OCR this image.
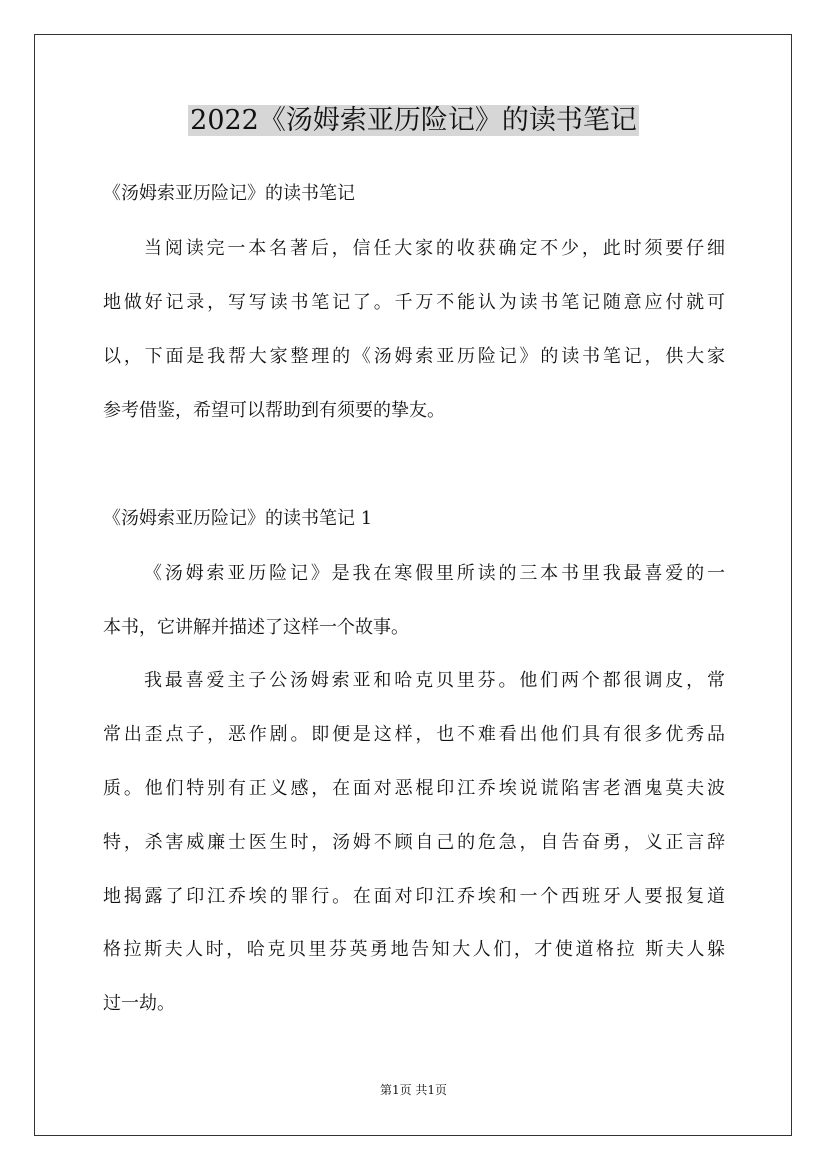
2022《汤姆索亚历险记》的读书笔记
《汤姆索亚历险记》的读书笔记
当阅读完一本名著后，信任大家的收获确定不少，此时须要仔细
地做好记录，写写读书笔记了。千万不能认为读书笔记随意应付就可
以，下面是我帮大家整理的《汤姆索亚历险记》的读书笔记，供大家
参考借鉴，希望可以帮助到有须要的挚友。
《汤姆索亚历险记》的读书笔记 1
《汤姆索亚历险记》是我在寒假里所读的三本书里我最喜爱的一
本书，它讲解并描述了这样一个故事。
我最喜爱主子公汤姆索亚和哈克贝里芬。他们两个都很调皮，常
常出歪点子，恶作剧。即便是这样，也不难看出他们具有很多优秀品
质。他们特别有正义感，在面对恶棍印江乔埃说谎陷害老酒鬼莫夫波
特，杀害威廉士医生时，汤姆不顾自己的危急，自告奋勇，义正言辞
地揭露了印江乔埃的罪行。在面对印江乔埃和一个西班牙人要报复道
格拉斯夫人时，哈克贝里芬英勇地告知大人们，才使道格拉 斯夫人躲
过一劫。
第1页 共1页
